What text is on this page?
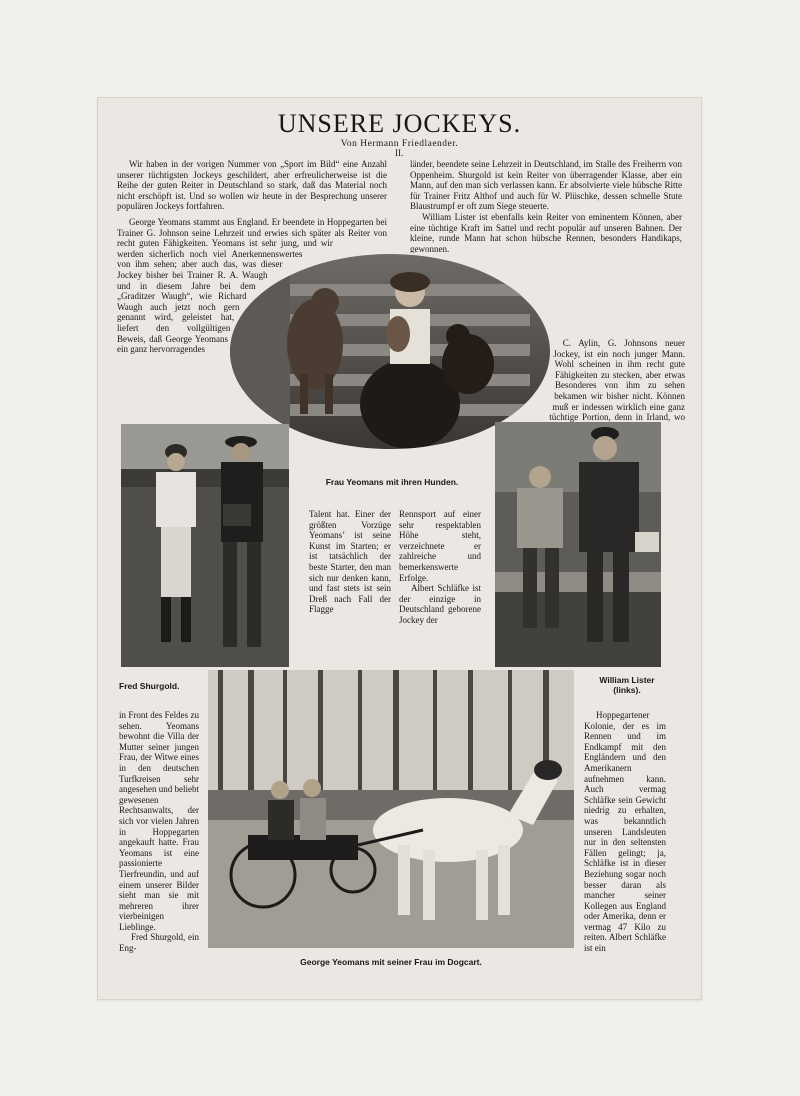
UNSERE JOCKEYS.
Von Hermann Friedlaender.
II.

Wir haben in der vorigen Nummer von „Sport im Bild“ eine Anzahl unserer tüchtigsten Jockeys geschildert, aber erfreulicherweise ist die Reihe der guten Reiter in Deutschland so stark, daß das Material noch nicht erschöpft ist. Und so wollen wir heute in der Besprechung unserer populären Jockeys fortfahren.

länder, beendete seine Lehrzeit in Deutschland, im Stalle des Freiherrn von Oppenheim. Shurgold ist kein Reiter von überragender Klasse, aber ein Mann, auf den man sich verlassen kann. Er absolvierte viele hübsche Ritte für Trainer Fritz Althof und auch für W. Plüschke, dessen schnelle Stute Blaustrumpf er oft zum Siege steuerte.

William Lister ist ebenfalls kein Reiter von eminentem Können, aber eine tüchtige Kraft im Sattel und recht populär auf unseren Bahnen. Der kleine, runde Mann hat schon hübsche Rennen, besonders Handikaps, gewonnen.

George Yeomans stammt aus England. Er beendete in Hoppegarten bei Trainer G. Johnson seine Lehrzeit und erwies sich später als Reiter von recht guten Fähigkeiten. Yeomans ist sehr jung, und wir werden sicherlich noch viel Anerkennenswertes von ihm sehen; aber auch das, was dieser Jockey bisher bei Trainer R. A. Waugh und in diesem Jahre bei dem „Graditzer Waugh“, wie Richard Waugh auch jetzt noch gern genannt wird, geleistet hat, liefert den vollgültigen Beweis, daß George Yeomans ein ganz hervorragendes

C. Aylin, G. Johnsons neuer Jockey, ist ein noch junger Mann. Wohl scheinen in ihm recht gute Fähigkeiten zu stecken, aber etwas Besonderes von ihm zu sehen bekamen wir bisher nicht. Können muß er indessen wirklich eine ganz tüchtige Portion, denn in Irland, wo

Frau Yeomans mit ihren Hunden.
Fred Shurgold.
William Lister
(links).

Talent hat. Einer der größten Vorzüge Yeomans’ ist seine Kunst im Starten; er ist tatsächlich der beste Starter, den man sich nur denken kann, und fast stets ist sein Dreß nach Fall der Flagge

Rennsport auf einer sehr respektablen Höhe steht, verzeichnete er zahlreiche und bemerkenswerte Erfolge.

Albert Schläfke ist der einzige in Deutschland geborene Jockey der

George Yeomans mit seiner Frau im Dogcart.

in Front des Feldes zu sehen. Yeomans bewohnt die Villa der Mutter seiner jungen Frau, der Witwe eines in den deutschen Turfkreisen sehr angesehen und beliebt gewesenen Rechtsanwalts, der sich vor vielen Jahren in Hoppegarten angekauft hatte. Frau Yeomans ist eine passionierte Tierfreundin, und auf einem unserer Bilder sieht man sie mit mehreren ihrer vierbeinigen Lieblinge.

Fred Shurgold, ein Eng-

Hoppegartener Kolonie, der es im Rennen und im Endkampf mit den Engländern und den Amerikanern aufnehmen kann. Auch vermag Schläfke sein Gewicht niedrig zu erhalten, was bekanntlich unseren Landsleuten nur in den seltensten Fällen gelingt; ja, Schläfke ist in dieser Beziehung sogar noch besser daran als mancher seiner Kollegen aus England oder Amerika, denn er vermag 47 Kilo zu reiten. Albert Schläfke ist ein
